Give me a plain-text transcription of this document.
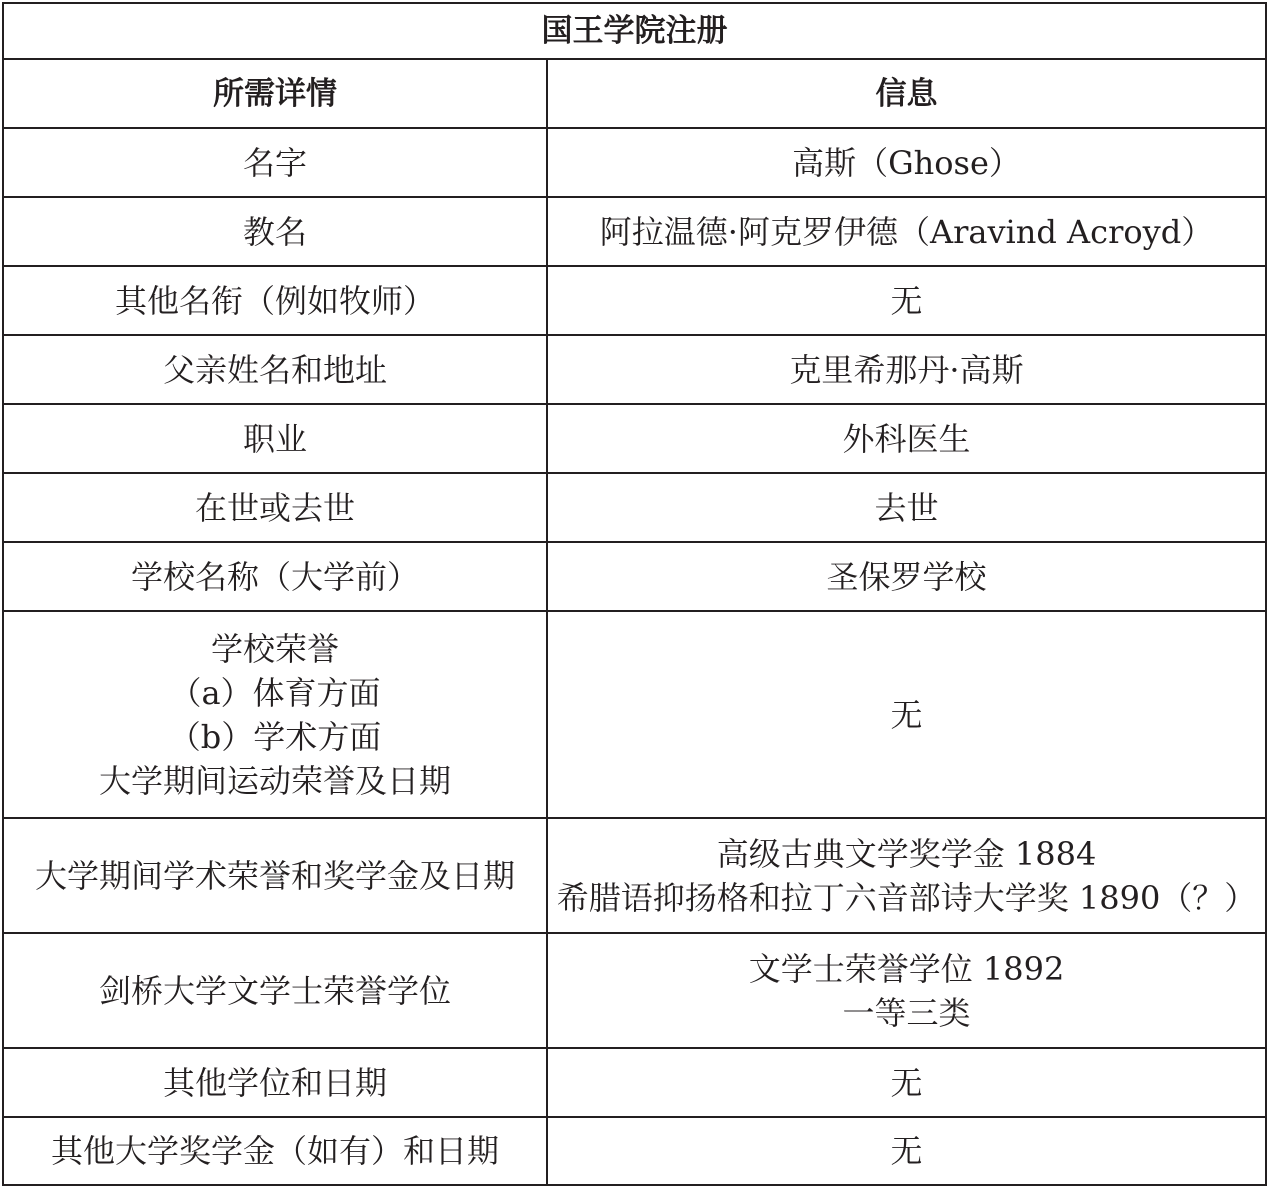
国王学院注册	
所需详情	信息

名字	高斯（Ghose）

教名	阿拉温德·阿克罗伊德（Aravind Acroyd）

其他名衔（例如牧师）	无

父亲姓名和地址	克里希那丹·高斯

职业	外科医生

在世或去世	去世

学校名称（大学前）	圣保罗学校

学校荣誉
（a）体育方面
（b）学术方面
大学期间运动荣誉及日期	无

大学期间学术荣誉和奖学金及日期	高级古典文学奖学金 1884
希腊语抑扬格和拉丁六音部诗大学奖 1890（？）

剑桥大学文学士荣誉学位	文学士荣誉学位 1892
一等三类

其他学位和日期	无

其他大学奖学金（如有）和日期	无
